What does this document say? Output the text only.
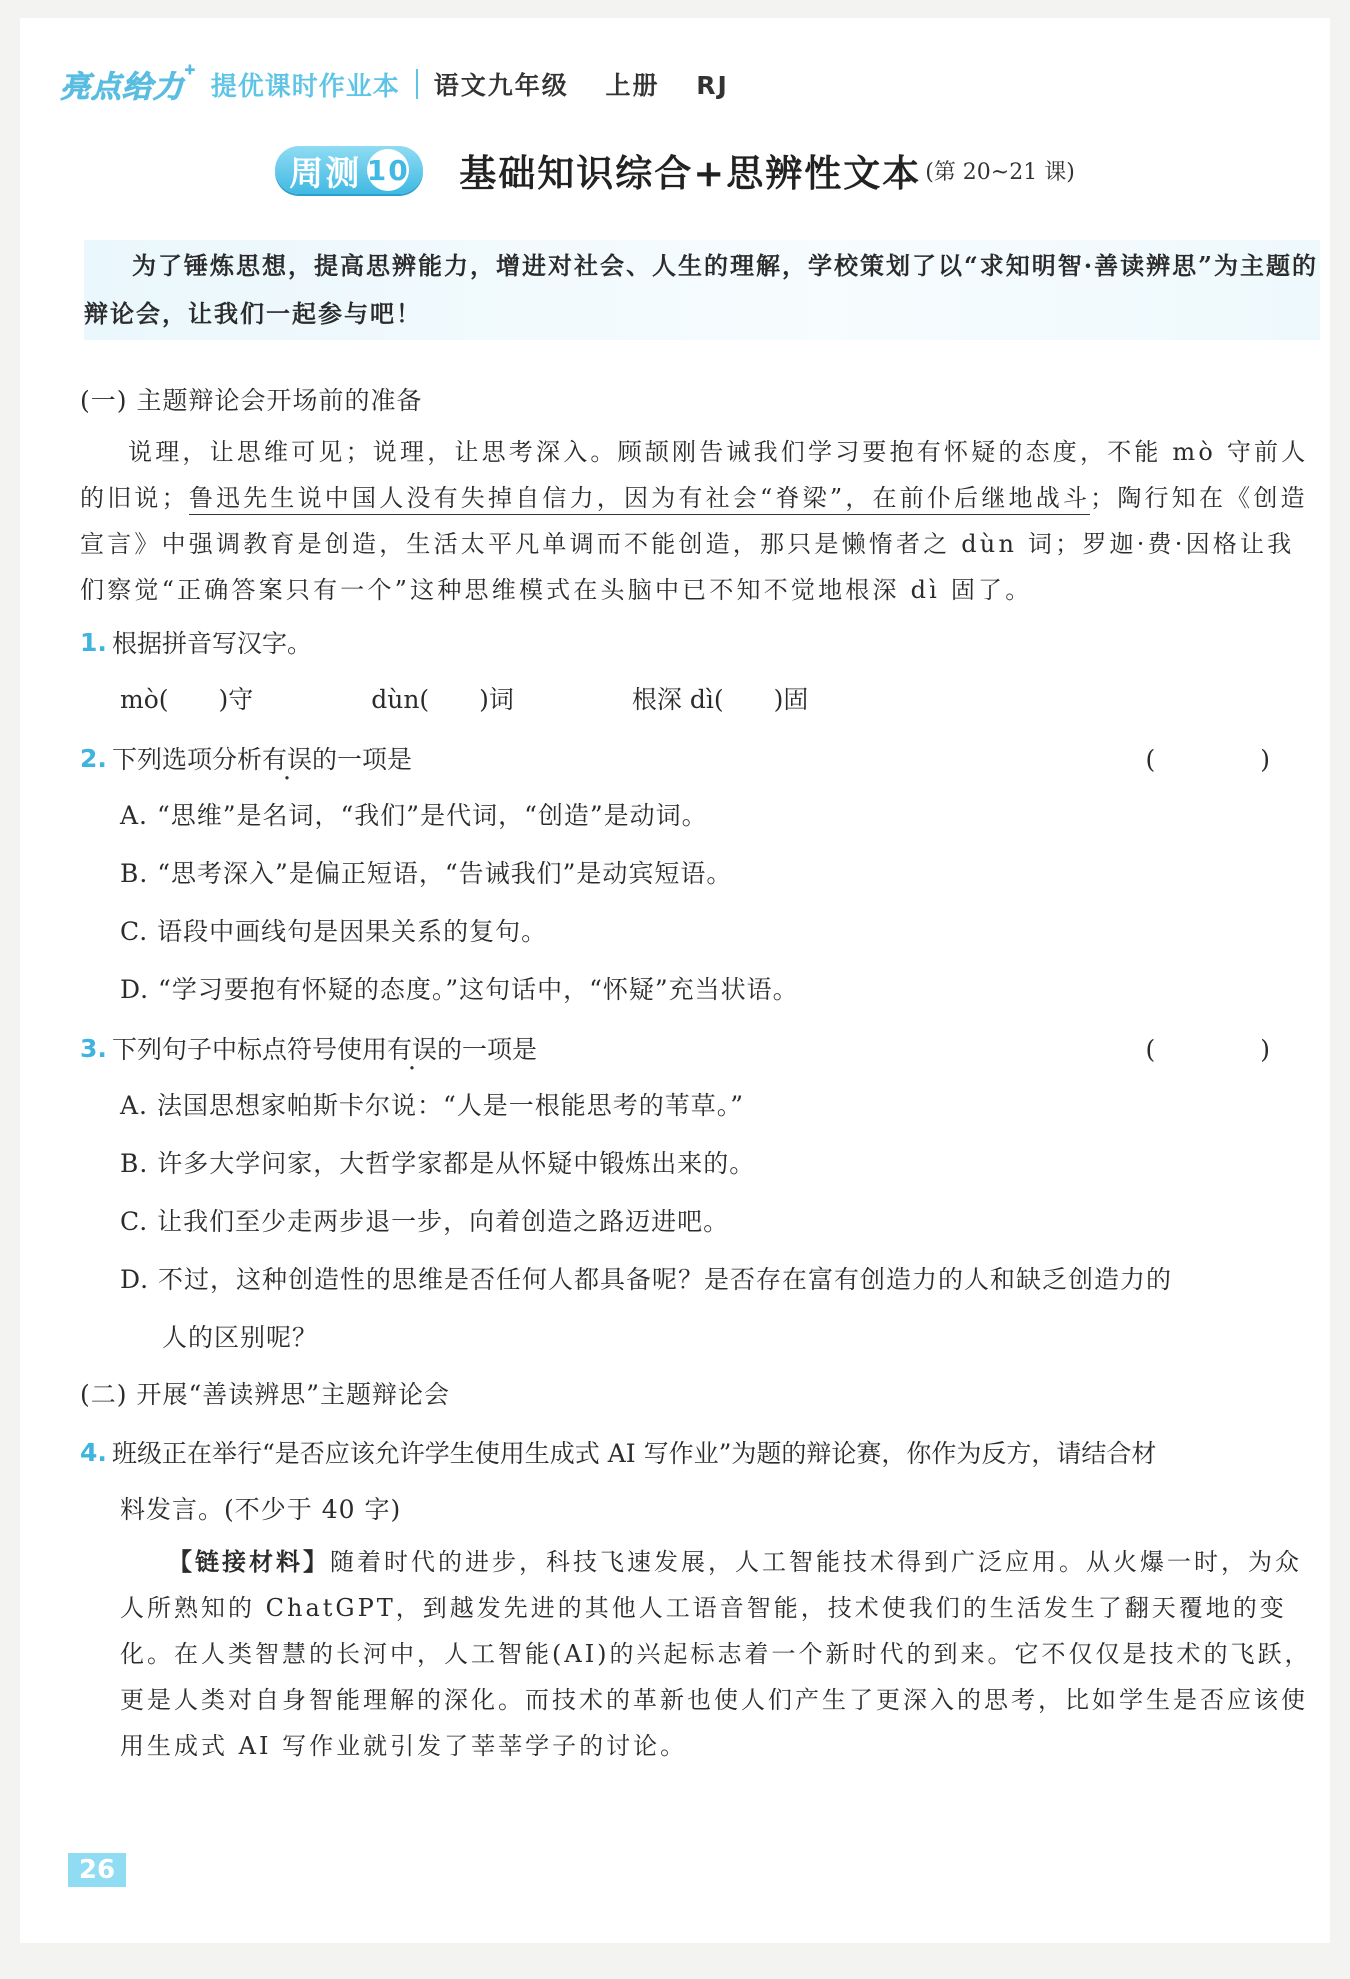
亮点给力+
提优课时作业本 语文九年级 上册 RJ
周测 10 基础知识综合+思辨性文本 (第 20~21 课)
为了锤炼思想，提高思辨能力，增进对社会、人生的理解，学校策划了以“求知明智·善读辨思”为主题的辩论会，让我们一起参与吧！
(一) 主题辩论会开场前的准备
说理，让思维可见；说理，让思考深入。顾颉刚告诫我们学习要抱有怀疑的态度，不能 mò 守前人的旧说；鲁迅先生说中国人没有失掉自信力，因为有社会“脊梁”，在前仆后继地战斗；陶行知在《创造宣言》中强调教育是创造，生活太平凡单调而不能创造，那只是懒惰者之 dùn 词；罗迦·费·因格让我们察觉“正确答案只有一个”这种思维模式在头脑中已不知不觉地根深 dì 固了。
1. 根据拼音写汉字。
mò(　　)守	dùn(　　)词	根深 dì(　　)固
2. 下列选项分析有误的一项是	(　)
A. “思维”是名词，“我们”是代词，“创造”是动词。
B. “思考深入”是偏正短语，“告诫我们”是动宾短语。
C. 语段中画线句是因果关系的复句。
D. “学习要抱有怀疑的态度。”这句话中，“怀疑”充当状语。
3. 下列句子中标点符号使用有误的一项是	(　)
A. 法国思想家帕斯卡尔说：“人是一根能思考的苇草。”
B. 许多大学问家，大哲学家都是从怀疑中锻炼出来的。
C. 让我们至少走两步退一步，向着创造之路迈进吧。
D. 不过，这种创造性的思维是否任何人都具备呢？是否存在富有创造力的人和缺乏创造力的
人的区别呢？
(二) 开展“善读辨思”主题辩论会
4. 班级正在举行“是否应该允许学生使用生成式 AI 写作业”为题的辩论赛，你作为反方，请结合材
料发言。(不少于 40 字)
【链接材料】随着时代的进步，科技飞速发展，人工智能技术得到广泛应用。从火爆一时，为众人所熟知的 ChatGPT，到越发先进的其他人工语音智能，技术使我们的生活发生了翻天覆地的变化。在人类智慧的长河中，人工智能(AI)的兴起标志着一个新时代的到来。它不仅仅是技术的飞跃，更是人类对自身智能理解的深化。而技术的革新也使人们产生了更深入的思考，比如学生是否应该使用生成式 AI 写作业就引发了莘莘学子的讨论。
26
